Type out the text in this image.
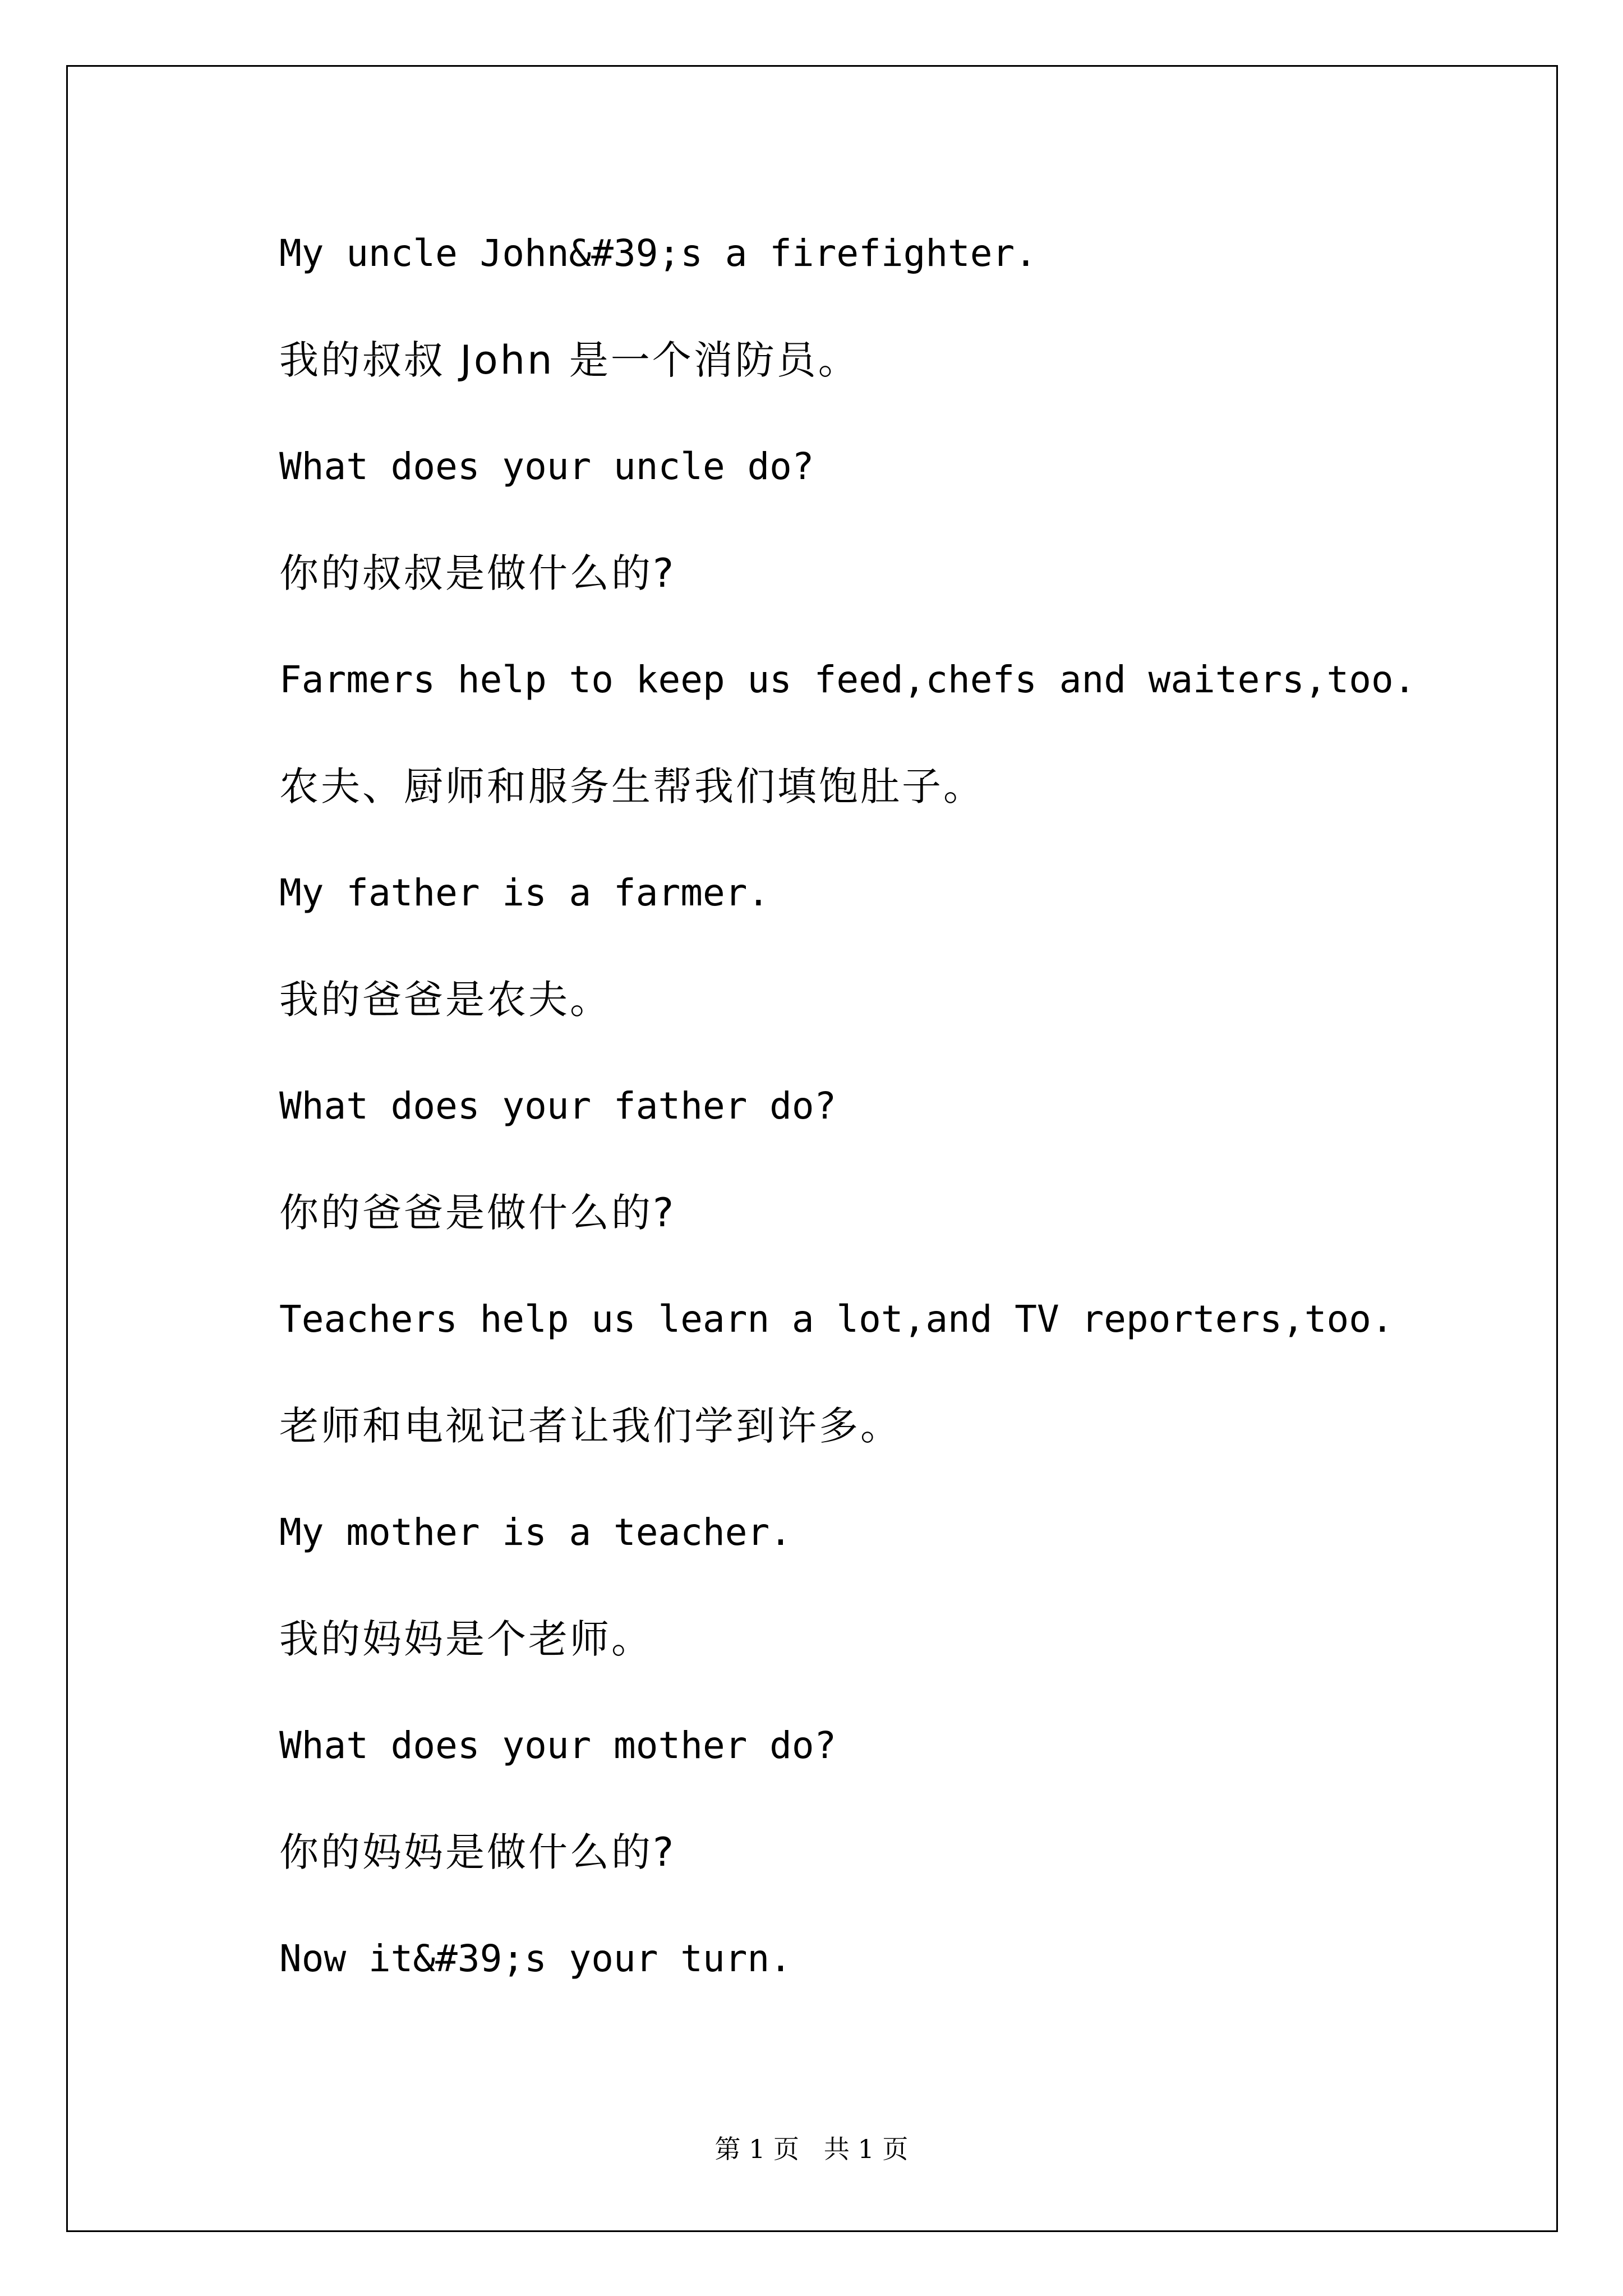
My uncle John&#39;s a firefighter.
我的叔叔 John 是一个消防员。
What does your uncle do?
你的叔叔是做什么的?
Farmers help to keep us feed,chefs and waiters,too.
农夫、厨师和服务生帮我们填饱肚子。
My father is a farmer.
我的爸爸是农夫。
What does your father do?
你的爸爸是做什么的?
Teachers help us learn a lot,and TV reporters,too.
老师和电视记者让我们学到许多。
My mother is a teacher.
我的妈妈是个老师。
What does your mother do?
你的妈妈是做什么的?
Now it&#39;s your turn.
第 1 页   共 1 页
